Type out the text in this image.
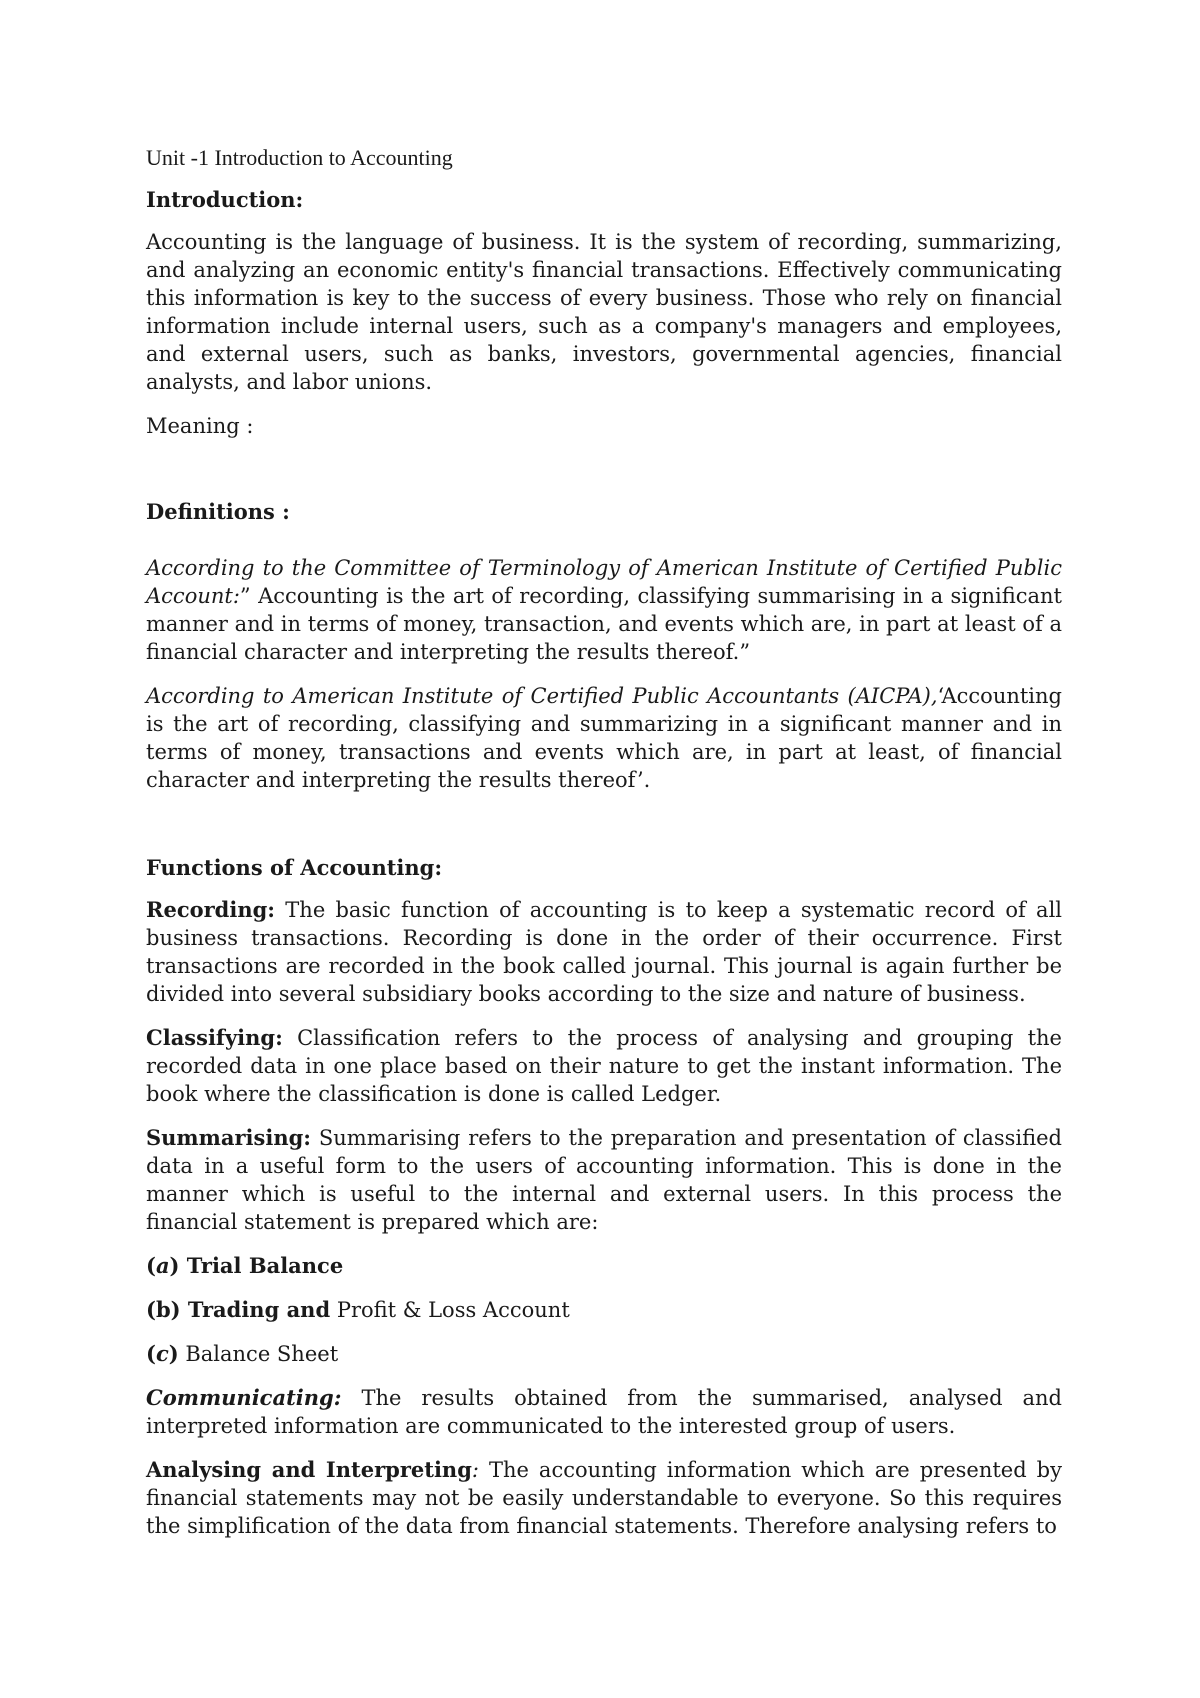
Unit -1 Introduction to Accounting

Introduction:

Accounting is the language of business. It is the system of recording, summarizing, and analyzing an economic entity's financial transactions. Effectively communicating this information is key to the success of every business. Those who rely on financial information include internal users, such as a company's managers and employees, and external users, such as banks, investors, governmental agencies, financial analysts, and labor unions.

Meaning :

Definitions :

According to the Committee of Terminology of American Institute of Certified Public Account:” Accounting is the art of recording, classifying summarising in a significant manner and in terms of money, transaction, and events which are, in part at least of a financial character and interpreting the results thereof.”

According to American Institute of Certified Public Accountants (AICPA),‘Accounting is the art of recording, classifying and summarizing in a significant manner and in terms of money, transactions and events which are, in part at least, of financial character and interpreting the results thereof’.

Functions of Accounting:

Recording: The basic function of accounting is to keep a systematic record of all business transactions. Recording is done in the order of their occurrence. First transactions are recorded in the book called journal. This journal is again further be divided into several subsidiary books according to the size and nature of business.

Classifying: Classification refers to the process of analysing and grouping the recorded data in one place based on their nature to get the instant information. The book where the classification is done is called Ledger.

Summarising: Summarising refers to the preparation and presentation of classified data in a useful form to the users of accounting information. This is done in the manner which is useful to the internal and external users. In this process the financial statement is prepared which are:

(a) Trial Balance

(b) Trading and Profit & Loss Account

(c) Balance Sheet

Communicating: The results obtained from the summarised, analysed and interpreted information are communicated to the interested group of users.

Analysing and Interpreting: The accounting information which are presented by financial statements may not be easily understandable to everyone. So this requires the simplification of the data from financial statements. Therefore analysing refers to
